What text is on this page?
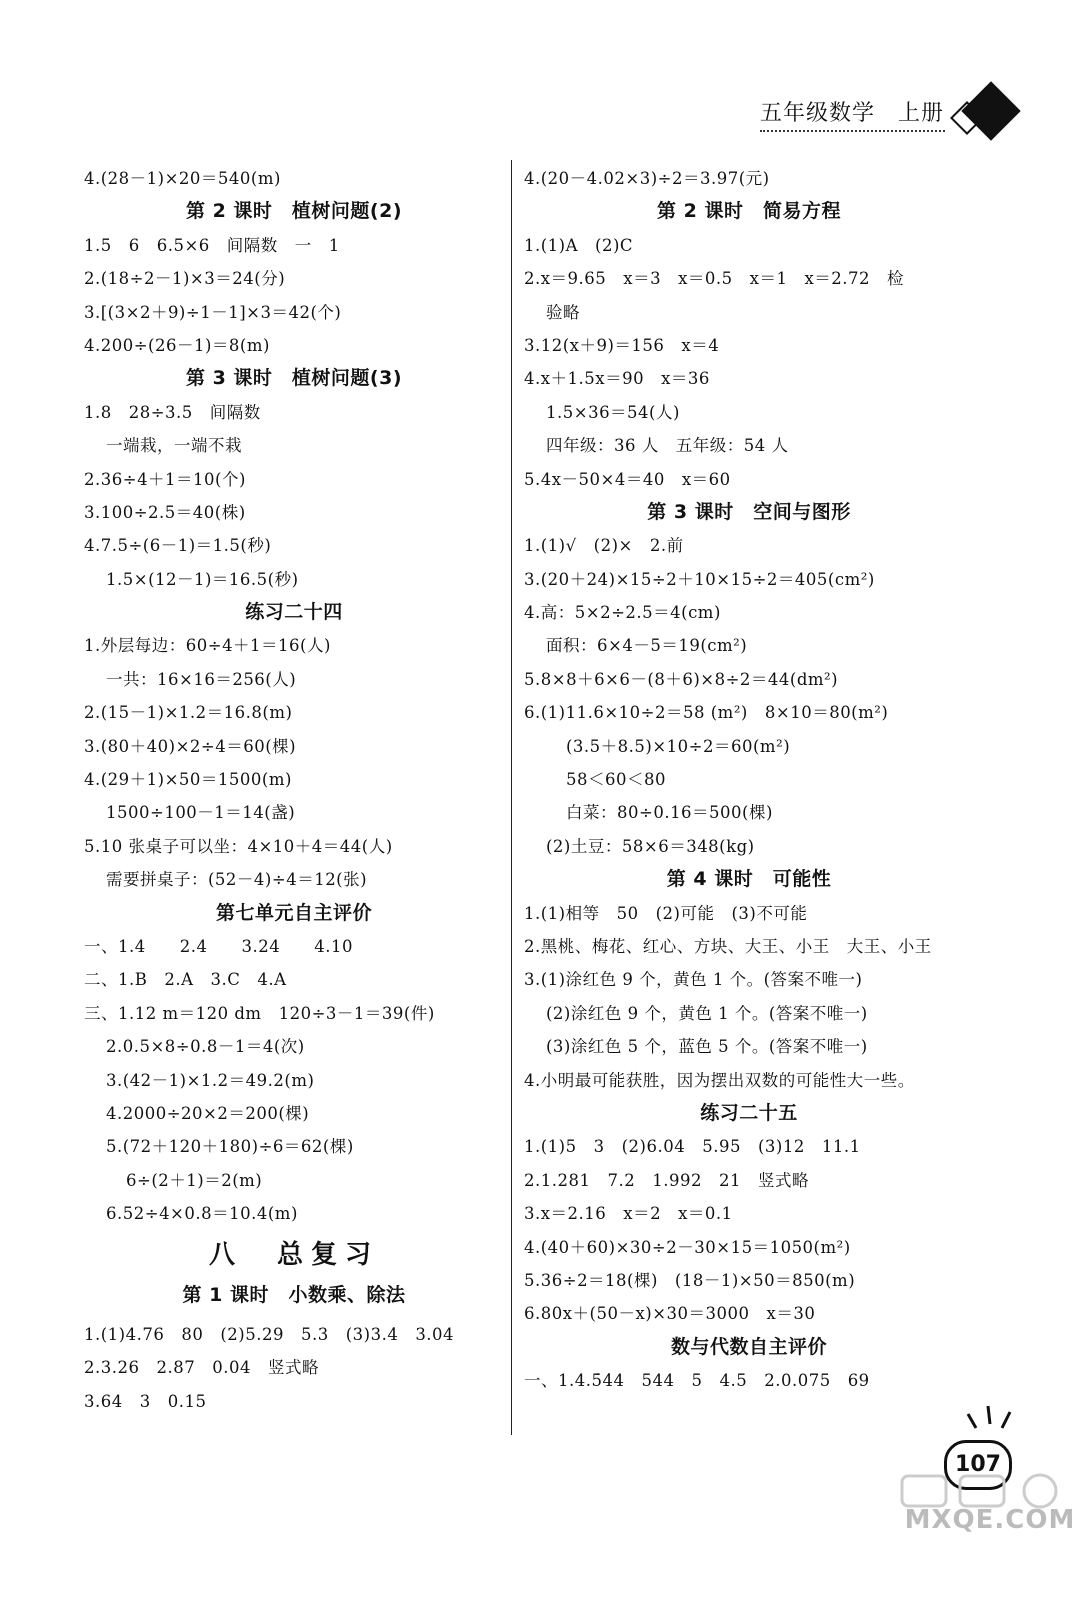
五年级数学　上册
4.(28－1)×20＝540(m)
第 2 课时　植树问题(2)
1.5　6　6.5×6　间隔数　一　1
2.(18÷2－1)×3＝24(分)
3.[(3×2＋9)÷1－1]×3＝42(个)
4.200÷(26－1)＝8(m)
第 3 课时　植树问题(3)
1.8　28÷3.5　间隔数
一端栽，一端不栽
2.36÷4＋1＝10(个)
3.100÷2.5＝40(株)
4.7.5÷(6－1)＝1.5(秒)
1.5×(12－1)＝16.5(秒)
练习二十四
1.外层每边：60÷4＋1＝16(人)
一共：16×16＝256(人)
2.(15－1)×1.2＝16.8(m)
3.(80＋40)×2÷4＝60(棵)
4.(29＋1)×50＝1500(m)
1500÷100－1＝14(盏)
5.10 张桌子可以坐：4×10＋4＝44(人)
需要拼桌子：(52－4)÷4＝12(张)
第七单元自主评价
一、1.4　　2.4　　3.24　　4.10
二、1.B　2.A　3.C　4.A
三、1.12 m＝120 dm　120÷3－1＝39(件)
2.0.5×8÷0.8－1＝4(次)
3.(42－1)×1.2＝49.2(m)
4.2000÷20×2＝200(棵)
5.(72＋120＋180)÷6＝62(棵)
6÷(2＋1)＝2(m)
6.52÷4×0.8＝10.4(m)
八　总复习
第 1 课时　小数乘、除法
1.(1)4.76　80　(2)5.29　5.3　(3)3.4̇　3.04
2.3.26　2.87　0.04　竖式略
3.64　3　0.15
4.(20－4.02×3)÷2＝3.97(元)
第 2 课时　简易方程
1.(1)A　(2)C
2.x＝9.65　x＝3　x＝0.5　x＝1　x＝2.72　检
验略
3.12(x＋9)＝156　x＝4
4.x＋1.5x＝90　x＝36
1.5×36＝54(人)
四年级：36 人　五年级：54 人
5.4x－50×4＝40　x＝60
第 3 课时　空间与图形
1.(1)√　(2)×　2.前
3.(20＋24)×15÷2＋10×15÷2＝405(cm²)
4.高：5×2÷2.5＝4(cm)
面积：6×4－5＝19(cm²)
5.8×8＋6×6－(8＋6)×8÷2＝44(dm²)
6.(1)11.6×10÷2＝58 (m²)　8×10＝80(m²)
(3.5＋8.5)×10÷2＝60(m²)
58＜60＜80
白菜：80÷0.16＝500(棵)
(2)土豆：58×6＝348(kg)
第 4 课时　可能性
1.(1)相等　50　(2)可能　(3)不可能
2.黑桃、梅花、红心、方块、大王、小王　大王、小王
3.(1)涂红色 9 个，黄色 1 个。(答案不唯一)
(2)涂红色 9 个，黄色 1 个。(答案不唯一)
(3)涂红色 5 个，蓝色 5 个。(答案不唯一)
4.小明最可能获胜，因为摆出双数的可能性大一些。
练习二十五
1.(1)5　3　(2)6.04　5.95　(3)12　11.1
2.1.281　7.2　1.992　21　竖式略
3.x＝2.16　x＝2　x＝0.1
4.(40＋60)×30÷2－30×15＝1050(m²)
5.36÷2＝18(棵)　(18－1)×50＝850(m)
6.80x＋(50－x)×30＝3000　x＝30
数与代数自主评价
一、1.4.5̇4̇4　544　5　4.5　2.0.075　69
107
MXQE.COM
